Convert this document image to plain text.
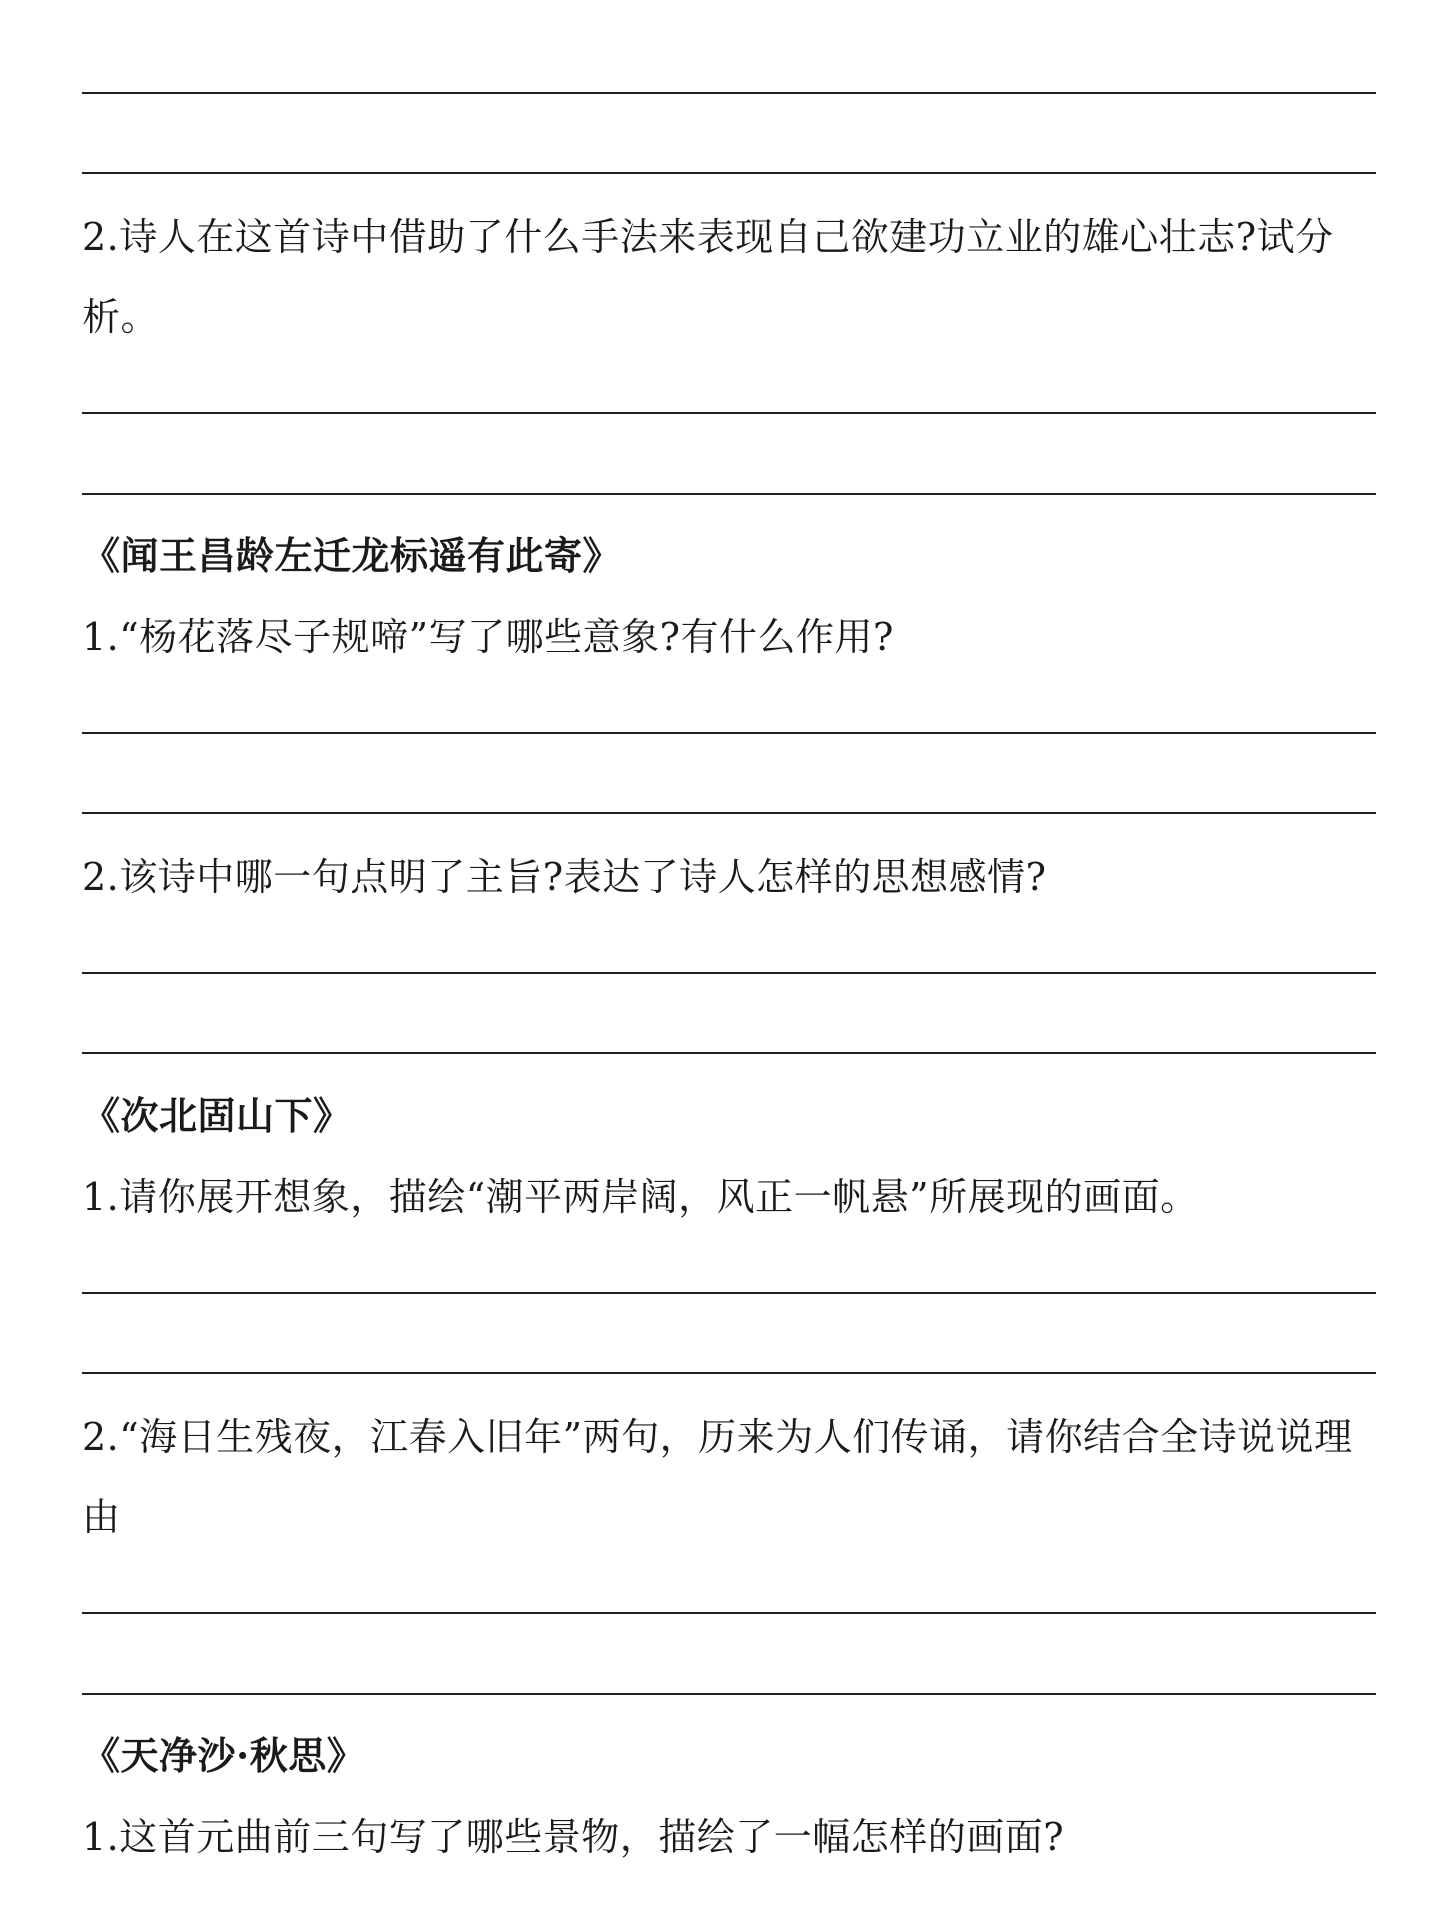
2.诗人在这首诗中借助了什么手法来表现自己欲建功立业的雄心壮志?试分析。
《闻王昌龄左迁龙标遥有此寄》
1.“杨花落尽子规啼”写了哪些意象?有什么作用?
2.该诗中哪一句点明了主旨?表达了诗人怎样的思想感情?
《次北固山下》
1.请你展开想象，描绘“潮平两岸阔，风正一帆悬”所展现的画面。
2.“海日生残夜，江春入旧年”两句，历来为人们传诵，请你结合全诗说说理由
《天净沙·秋思》
1.这首元曲前三句写了哪些景物，描绘了一幅怎样的画面?
